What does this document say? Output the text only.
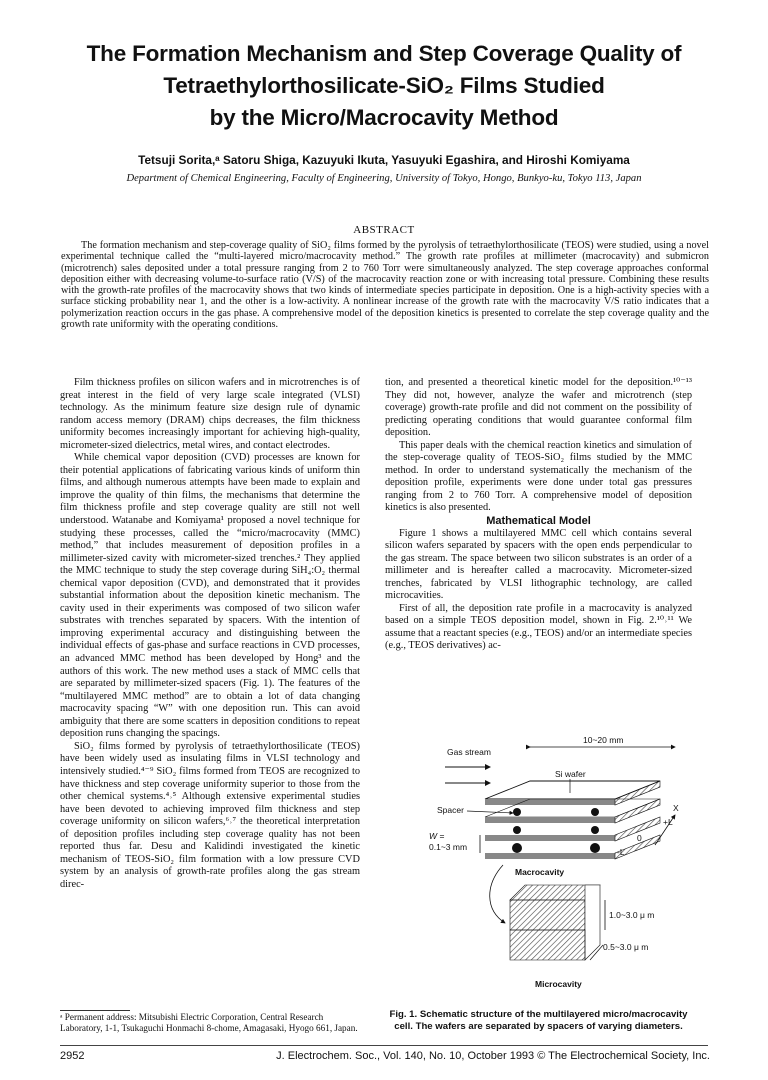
The Formation Mechanism and Step Coverage Quality of
Tetraethylorthosilicate-SiO₂ Films Studied
by the Micro/Macrocavity Method
Tetsuji Sorita,ᵃ Satoru Shiga, Kazuyuki Ikuta, Yasuyuki Egashira, and Hiroshi Komiyama
Department of Chemical Engineering, Faculty of Engineering, University of Tokyo, Hongo, Bunkyo-ku, Tokyo 113, Japan
ABSTRACT
The formation mechanism and step-coverage quality of SiO₂ films formed by the pyrolysis of tetraethylorthosilicate (TEOS) were studied, using a novel experimental technique called the “multi-layered micro/macrocavity method.” The growth rate profiles at millimeter (macrocavity) and submicron (microtrench) sales deposited under a total pressure ranging from 2 to 760 Torr were simultaneously analyzed. The step coverage approaches conformal deposition either with decreasing volume-to-surface ratio (V/S) of the macrocavity reaction zone or with increasing total pressure. Combining these results with the growth-rate profiles of the macrocavity shows that two kinds of intermediate species participate in deposition. One is a high-activity species with a surface sticking probability near 1, and the other is a low-activity. A nonlinear increase of the growth rate with the macrocavity V/S ratio indicates that a polymerization reaction occurs in the gas phase. A comprehensive model of the deposition kinetics is presented to correlate the step coverage quality and the growth rate uniformity with the operating conditions.

Film thickness profiles on silicon wafers and in microtrenches is of great interest in the field of very large scale integrated (VLSI) technology. As the minimum feature size design rule of dynamic random access memory (DRAM) chips decreases, the film thickness uniformity becomes increasingly important for achieving high-quality, micrometer-sized dielectrics, metal wires, and contact electrodes.

While chemical vapor deposition (CVD) processes are known for their potential applications of fabricating various kinds of uniform thin films, and although numerous attempts have been made to explain and improve the quality of thin films, the mechanisms that determine the film thickness profile and step coverage quality are still not well understood. Watanabe and Komiyama¹ proposed a novel technique for studying these processes, called the “micro/macrocavity (MMC) method,” that includes measurement of deposition profiles in a millimeter-sized cavity with micrometer-sized trenches.² They applied the MMC technique to study the step coverage during SiH₄:O₂ thermal chemical vapor deposition (CVD), and demonstrated that it provides substantial information about the deposition kinetic mechanism. The cavity used in their experiments was composed of two silicon wafer substrates with trenches separated by spacers. With the intention of improving experimental accuracy and distinguishing between the individual effects of gas-phase and surface reactions in CVD processes, an advanced MMC method has been developed by Hong³ and the authors of this work. The new method uses a stack of MMC cells that are separated by millimeter-sized spacers (Fig. 1). The features of the “multilayered MMC method” are to obtain a lot of data changing macrocavity spacing “W” with one deposition run. This can avoid ambiguity that there are some scatters in deposition conditions to repeat deposition runs changing the spacings.

SiO₂ films formed by pyrolysis of tetraethylorthosilicate (TEOS) have been widely used as insulating films in VLSI technology and intensively studied.⁴⁻⁹ SiO₂ films formed from TEOS are recognized to have thickness and step coverage uniformity superior to those from the other chemical systems.⁴˒⁵ Although extensive experimental studies have been devoted to achieving improved film thickness and step coverage uniformity on silicon wafers,⁶˒⁷ the theoretical interpretation of deposition profiles including step coverage quality has not been reported thus far. Desu and Kalidindi investigated the kinetic mechanism of TEOS-SiO₂ film formation with a low pressure CVD system by an analysis of growth-rate profiles along the gas stream direc-

tion, and presented a theoretical kinetic model for the deposition.¹⁰⁻¹³ They did not, however, analyze the wafer and microtrench (step coverage) growth-rate profile and did not comment on the possibility of predicting operating conditions that would guarantee conformal film deposition.

This paper deals with the chemical reaction kinetics and simulation of the step-coverage quality of TEOS-SiO₂ films studied by the MMC method. In order to understand systematically the mechanism of the deposition profile, experiments were done under total gas pressures ranging from 2 to 760 Torr. A comprehensive model of deposition kinetics is also presented.

Mathematical Model

Figure 1 shows a multilayered MMC cell which contains several silicon wafers separated by spacers with the open ends perpendicular to the gas stream. The space between two silicon substrates is an order of a millimeter and is hereafter called a macrocavity. Micrometer-sized trenches, fabricated by VLSI lithographic technology, are called microcavities.

First of all, the deposition rate profile in a macrocavity is analyzed based on a simple TEOS deposition model, shown in Fig. 2.¹⁰˒¹¹ We assume that a reactant species (e.g., TEOS) and/or an intermediate species (e.g., TEOS derivatives) ac-

10~20 mm
Gas stream
Si wafer
Spacer
W =
0.1~3 mm
X
+L
0
-L
Macrocavity
1.0~3.0 μ m
0.5~3.0 μ m
Microcavity
ᵃ Permanent address: Mitsubishi Electric Corporation, Central Research Laboratory, 1-1, Tsukaguchi Honmachi 8-chome, Amagasaki, Hyogo 661, Japan.
Fig. 1. Schematic structure of the multilayered micro/macrocavity cell. The wafers are separated by spacers of varying diameters.
2952	J. Electrochem. Soc., Vol. 140, No. 10, October 1993 © The Electrochemical Society, Inc.
